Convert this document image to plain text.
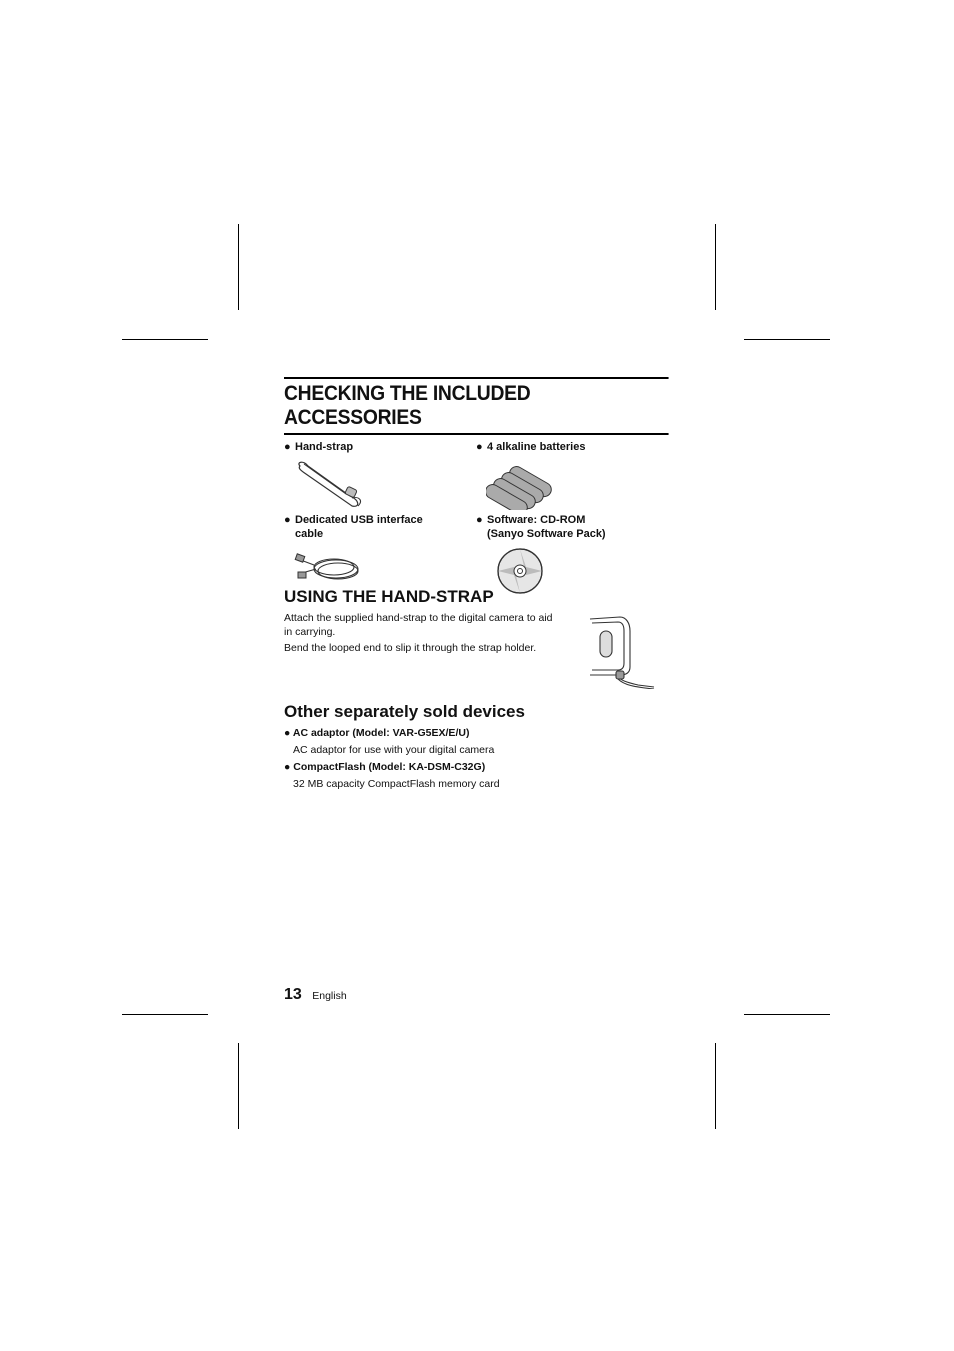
CHECKING THE INCLUDED ACCESSORIES
● Hand-strap	● 4 alkaline batteries
● Dedicated USB interface
cable
● Software: CD-ROM
(Sanyo Software Pack)
USING THE HAND-STRAP

Attach the supplied hand-strap to the digital camera to aid
in carrying.
Bend the looped end to slip it through the strap holder.

Other separately sold devices
● AC adaptor (Model: VAR-G5EX/E/U)
AC adaptor for use with your digital camera
● CompactFlash (Model: KA-DSM-C32G)
32 MB capacity CompactFlash memory card
13 English
